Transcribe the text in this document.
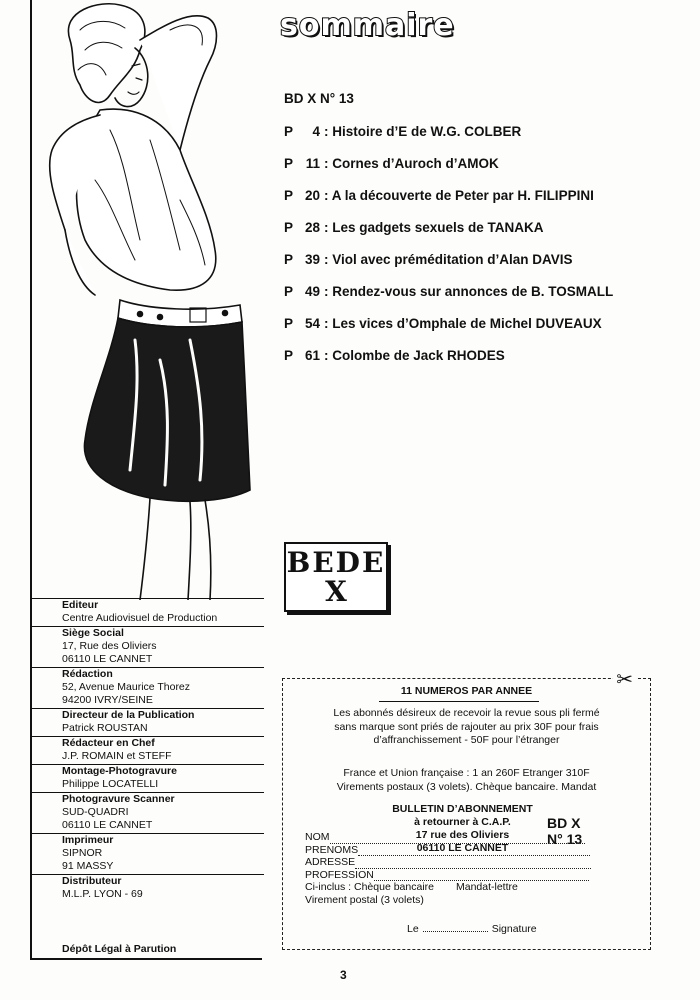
Editeur
Centre Audiovisuel de Production
Siège Social
17, Rue des Oliviers
06110 LE CANNET
Rédaction
52, Avenue Maurice Thorez
94200 IVRY/SEINE
Directeur de la Publication
Patrick ROUSTAN
Rédacteur en Chef
J.P. ROMAIN et STEFF
Montage-Photogravure
Philippe LOCATELLI
Photogravure Scanner
SUD-QUADRI
06110 LE CANNET
Imprimeur
SIPNOR
91 MASSY
Distributeur
M.L.P. LYON - 69
Dépôt Légal à Parution
sommaire
BD X N° 13
P 4 : Histoire d’E de W.G. COLBER
P 11 : Cornes d’Auroch d’AMOK
P 20 : A la découverte de Peter par H. FILIPPINI
P 28 : Les gadgets sexuels de TANAKA
P 39 : Viol avec préméditation d’Alan DAVIS
P 49 : Rendez-vous sur annonces de B. TOSMALL
P 54 : Les vices d’Omphale de Michel DUVEAUX
P 61 : Colombe de Jack RHODES
BEDE
X
✂
11 NUMEROS PAR ANNEE
Les abonnés désireux de recevoir la revue sous pli fermé
sans marque sont priés de rajouter au prix 30F pour frais
d’affranchissement - 50F pour l’étranger
France et Union française : 1 an 260F Etranger 310F
Virements postaux (3 volets). Chèque bancaire. Mandat
BULLETIN D’ABONNEMENT
à retourner à C.A.P.
17 rue des Oliviers
06110 LE CANNET
BD X
N° 13
NOM
PRENOMS
ADRESSE
PROFESSION
Ci-inclus : Chèque bancaire Mandat-lettre
Virement postal (3 volets)
Le	Signature
3
